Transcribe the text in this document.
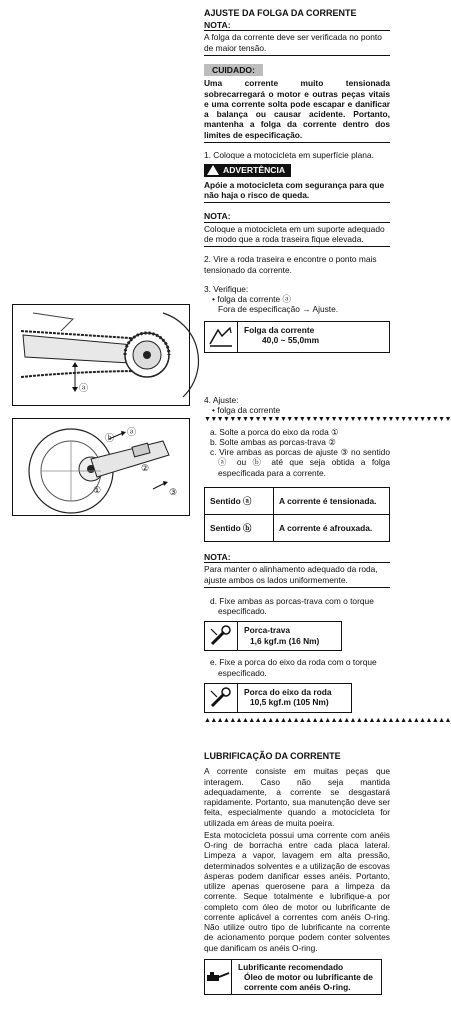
ⓐ
ⓑ
ⓐ
①
②
③
AJUSTE DA FOLGA DA CORRENTE
NOTA:
A folga da corrente deve ser verificada no ponto de maior tensão.
CUIDADO:
Uma corrente muito tensionada sobrecarregará o motor e outras peças vitais e uma corrente solta pode escapar e danificar a balança ou causar acidente. Portanto, mantenha a folga da corrente dentro dos limites de especificação.
1. Coloque a motocicleta em superfície plana.
ADVERTÊNCIA
Apóie a motocicleta com segurança para que não haja o risco de queda.
NOTA:
Coloque a motocicleta em um suporte adequado de modo que a roda traseira fique elevada.
2. Vire a roda traseira e encontre o ponto mais tensionado da corrente.
3. Verifique:
• folga da corrente ⓐ
Fora de especificação → Ajuste.
Folga da corrente
40,0 ~ 55,0mm
4. Ajuste:
• folga da corrente
▼▼▼▼▼▼▼▼▼▼▼▼▼▼▼▼▼▼▼▼▼▼▼▼▼▼▼▼▼▼▼▼▼▼▼▼▼▼▼
a. Solte a porca do eixo da roda ①
b. Solte ambas as porcas-trava ②
c. Vire ambas as porcas de ajuste ③ no sentido ⓐ ou ⓑ até que seja obtida a folga especificada para a corrente.
Sentido ⓐ	A corrente é tensionada.
Sentido ⓑ	A corrente é afrouxada.
NOTA:
Para manter o alinhamento adequado da roda, ajuste ambos os lados uniformemente.
d. Fixe ambas as porcas-trava com o torque especificado.
Porca-trava
1,6 kgf.m (16 Nm)
e. Fixe a porca do eixo da roda com o torque especificado.
Porca do eixo da roda
10,5 kgf.m (105 Nm)
▲▲▲▲▲▲▲▲▲▲▲▲▲▲▲▲▲▲▲▲▲▲▲▲▲▲▲▲▲▲▲▲▲▲▲▲▲▲▲
LUBRIFICAÇÃO DA CORRENTE
A corrente consiste em muitas peças que interagem. Caso não seja mantida adequadamente, a corrente se desgastará rapidamente. Portanto, sua manutenção deve ser feita, especialmente quando a motocicleta for utilizada em áreas de muita poeira.
Esta motocicleta possui uma corrente com anéis O-ring de borracha entre cada placa lateral. Limpeza a vapor, lavagem em alta pressão, determinados solventes e a utilização de escovas ásperas podem danificar esses anéis. Portanto, utilize apenas querosene para a limpeza da corrente. Seque totalmente e lubrifique-a por completo com óleo de motor ou lubrificante de corrente aplicável a correntes com anéis O-ring. Não utilize outro tipo de lubrificante na corrente de acionamento porque podem conter solventes que danificam os anéis O-ring.
Lubrificante recomendado
Óleo de motor ou lubrificante de corrente com anéis O-ring.
